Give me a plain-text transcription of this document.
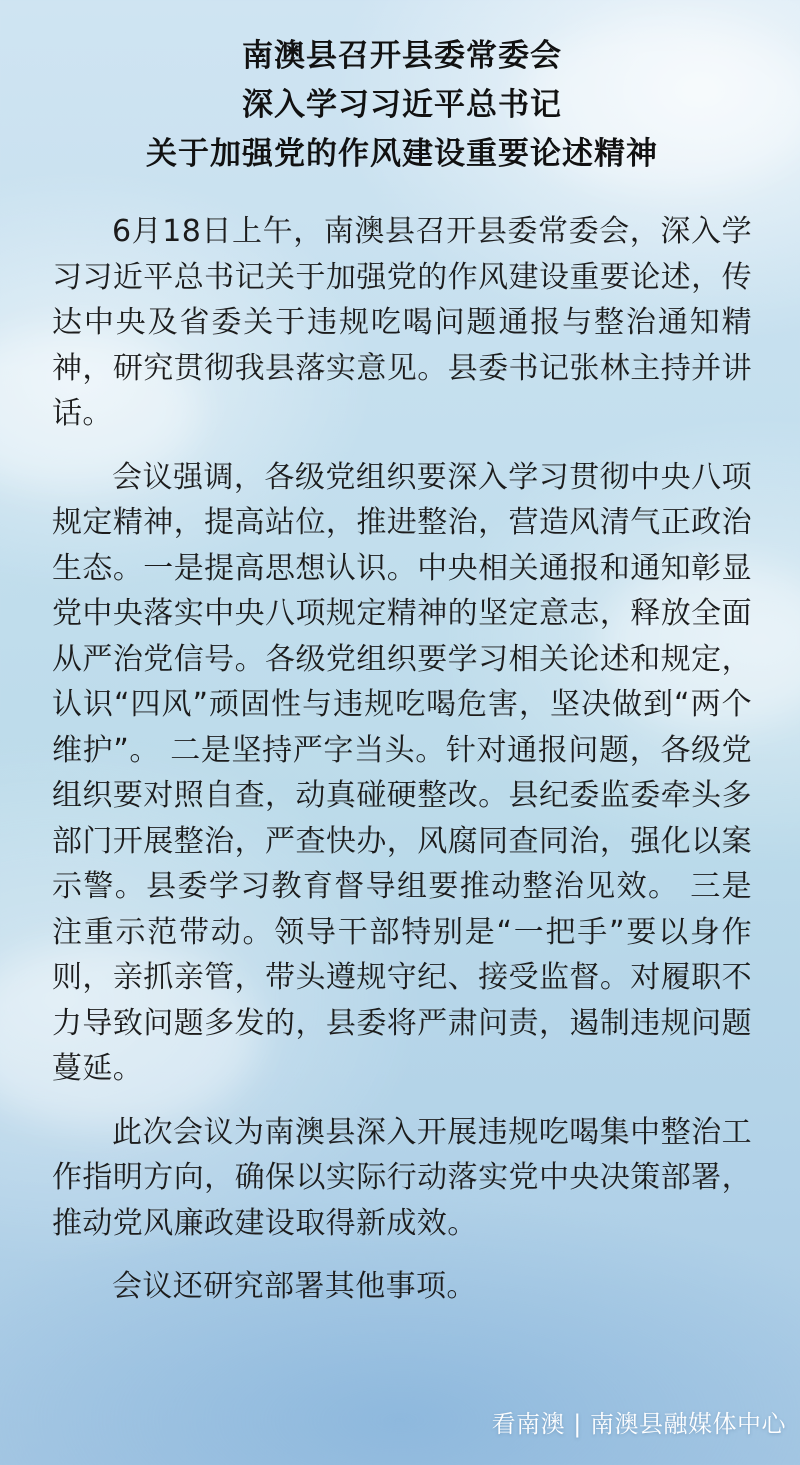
南澳县召开县委常委会
深入学习习近平总书记
关于加强党的作风建设重要论述精神

6月18日上午，南澳县召开县委常委会，深入学习习近平总书记关于加强党的作风建设重要论述，传达中央及省委关于违规吃喝问题通报与整治通知精神，研究贯彻我县落实意见。县委书记张林主持并讲话。

会议强调，各级党组织要深入学习贯彻中央八项规定精神，提高站位，推进整治，营造风清气正政治生态。一是提高思想认识。中央相关通报和通知彰显党中央落实中央八项规定精神的坚定意志，释放全面从严治党信号。各级党组织要学习相关论述和规定，认识“四风”顽固性与违规吃喝危害，坚决做到“两个维护”。 二是坚持严字当头。针对通报问题，各级党组织要对照自查，动真碰硬整改。县纪委监委牵头多部门开展整治，严查快办，风腐同查同治，强化以案示警。县委学习教育督导组要推动整治见效。 三是注重示范带动。领导干部特别是“一把手”要以身作则，亲抓亲管，带头遵规守纪、接受监督。对履职不力导致问题多发的，县委将严肃问责，遏制违规问题蔓延。

此次会议为南澳县深入开展违规吃喝集中整治工作指明方向，确保以实际行动落实党中央决策部署，推动党风廉政建设取得新成效。

会议还研究部署其他事项。

看南澳 | 南澳县融媒体中心
